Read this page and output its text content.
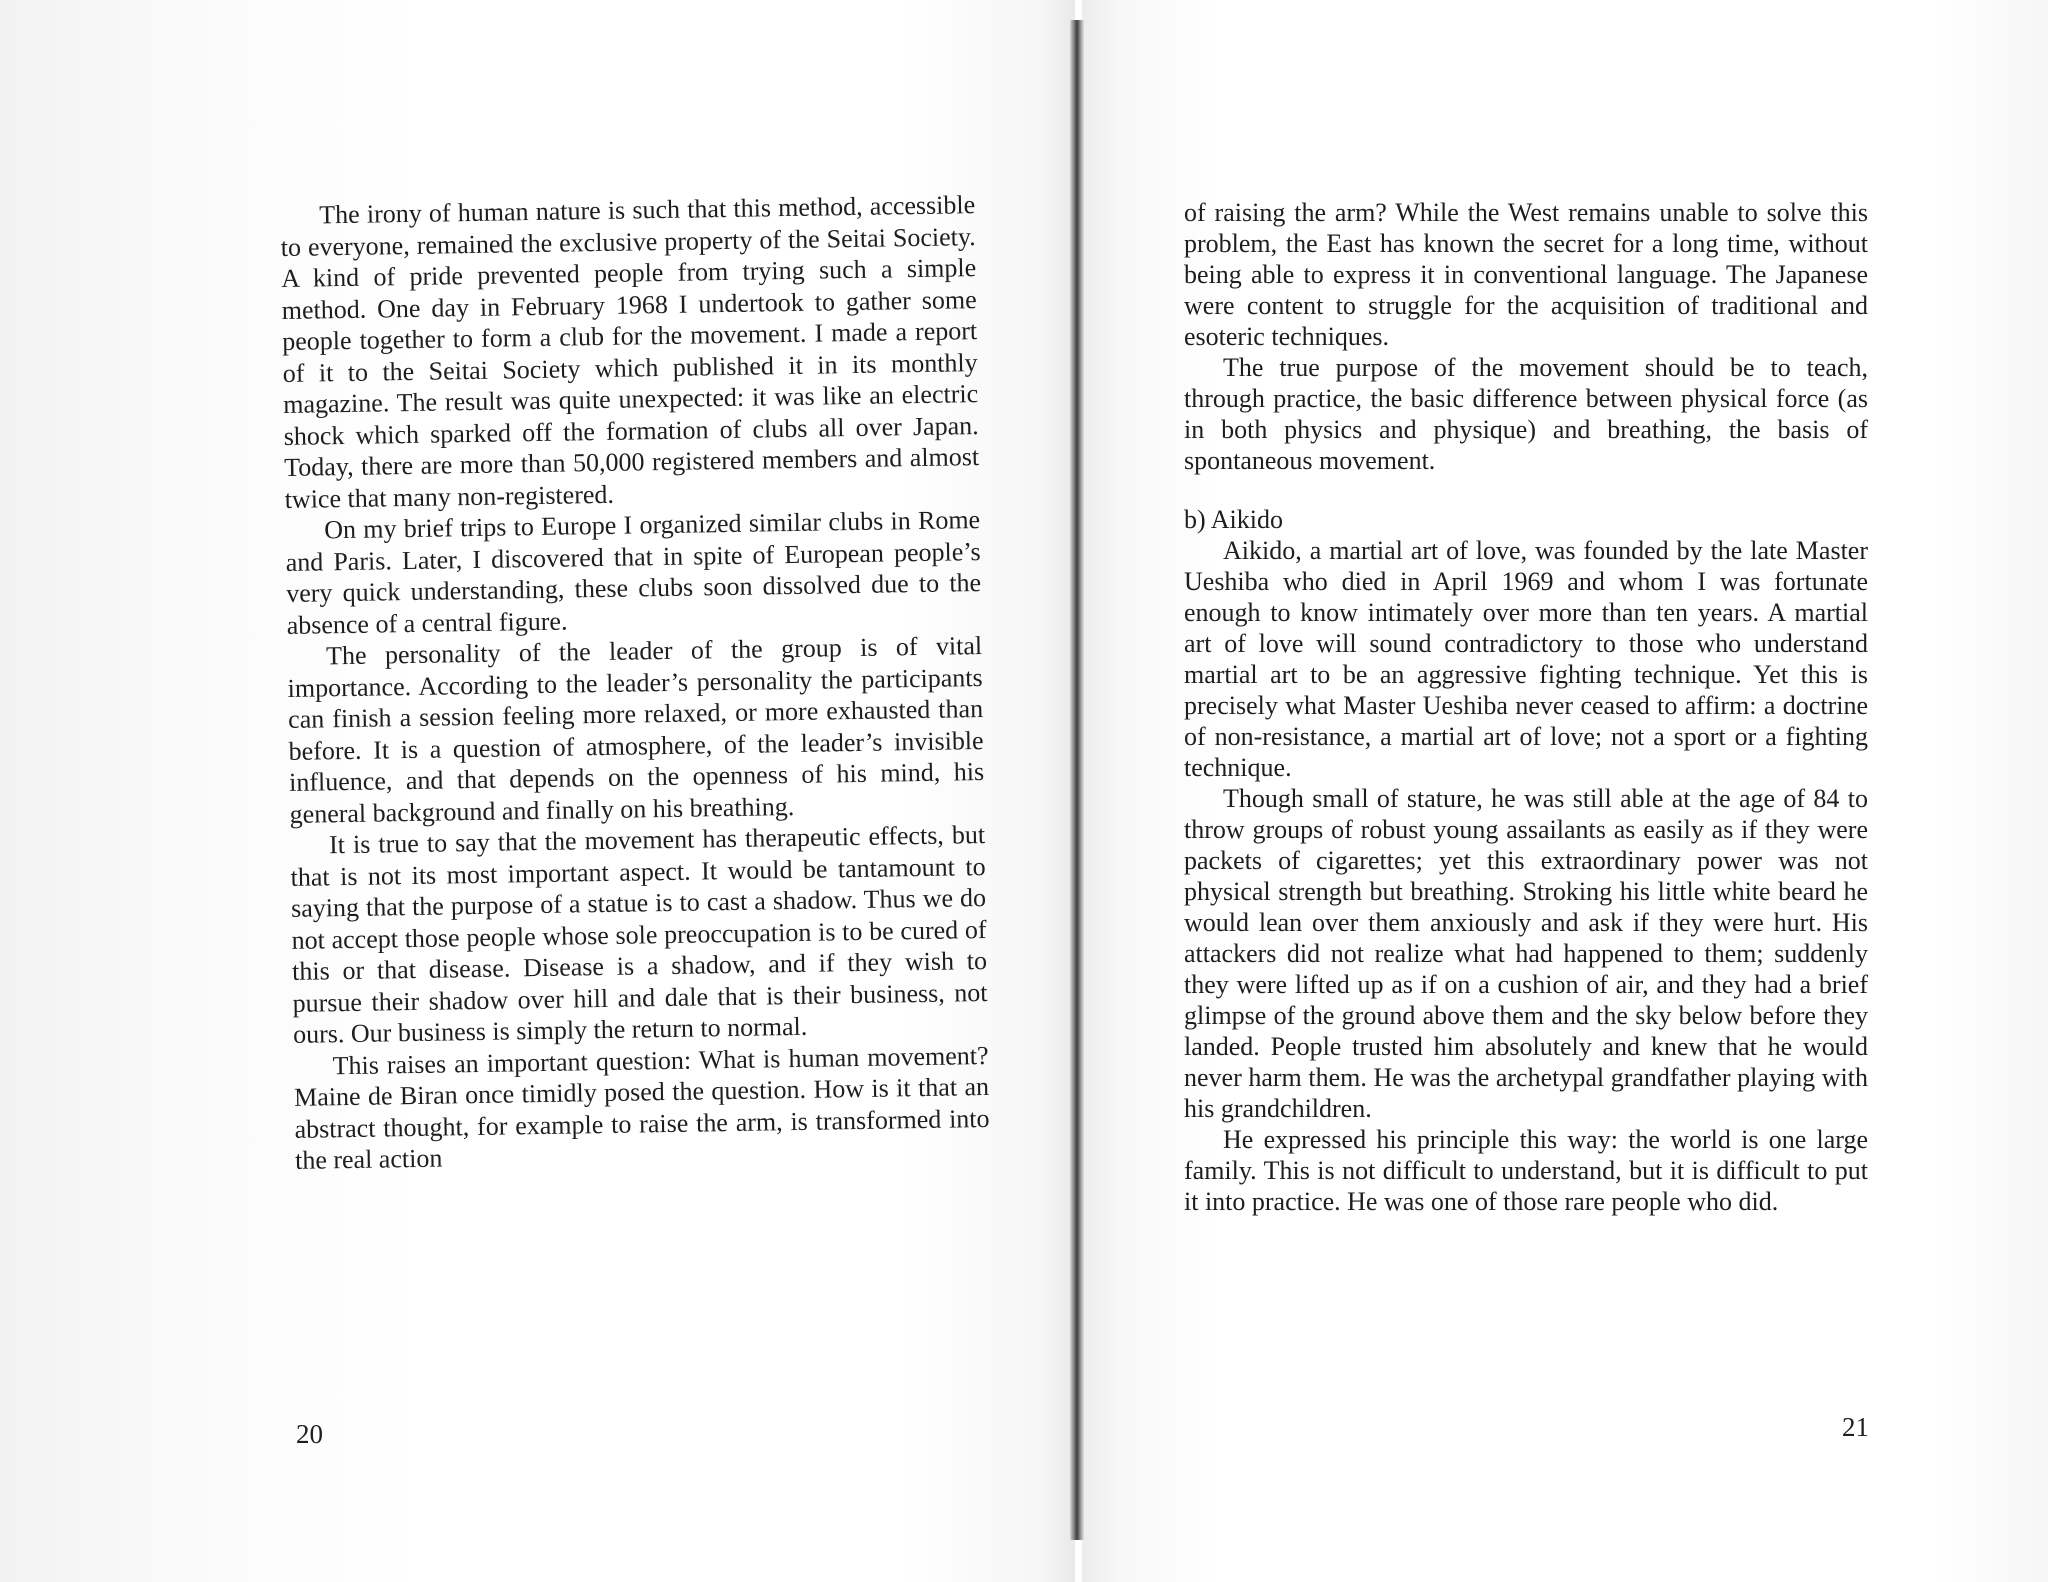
The irony of human nature is such that this method, accessible to everyone, remained the exclusive property of the Seitai Society. A kind of pride prevented people from trying such a simple method. One day in February 1968 I undertook to gather some people together to form a club for the movement. I made a report of it to the Seitai Society which published it in its monthly magazine. The result was quite unexpected: it was like an electric shock which sparked off the formation of clubs all over Japan. Today, there are more than 50,000 registered members and almost twice that many non-registered.

On my brief trips to Europe I organized similar clubs in Rome and Paris. Later, I discovered that in spite of European people’s very quick understanding, these clubs soon dissolved due to the absence of a central figure.

The personality of the leader of the group is of vital importance. According to the leader’s personality the participants can finish a session feeling more relaxed, or more exhausted than before. It is a question of atmosphere, of the leader’s invisible influence, and that depends on the openness of his mind, his general background and finally on his breathing.

It is true to say that the movement has therapeutic effects, but that is not its most important aspect. It would be tantamount to saying that the purpose of a statue is to cast a shadow. Thus we do not accept those people whose sole preoccupation is to be cured of this or that disease. Disease is a shadow, and if they wish to pursue their shadow over hill and dale that is their business, not ours. Our business is simply the return to normal.

This raises an important question: What is human movement? Maine de Biran once timidly posed the question. How is it that an abstract thought, for example to raise the arm, is transformed into the real action

20

of raising the arm? While the West remains unable to solve this problem, the East has known the secret for a long time, without being able to express it in conventional language. The Japanese were content to struggle for the acquisition of traditional and esoteric techniques.

The true purpose of the movement should be to teach, through practice, the basic difference between physical force (as in both physics and physique) and breathing, the basis of spontaneous movement.

b) Aikido

Aikido, a martial art of love, was founded by the late Master Ueshiba who died in April 1969 and whom I was fortunate enough to know intimately over more than ten years. A martial art of love will sound contradictory to those who understand martial art to be an aggressive fighting technique. Yet this is precisely what Master Ueshiba never ceased to affirm: a doctrine of non-resistance, a martial art of love; not a sport or a fighting technique.

Though small of stature, he was still able at the age of 84 to throw groups of robust young assailants as easily as if they were packets of cigarettes; yet this extraordinary power was not physical strength but breathing. Stroking his little white beard he would lean over them anxiously and ask if they were hurt. His attackers did not realize what had happened to them; suddenly they were lifted up as if on a cushion of air, and they had a brief glimpse of the ground above them and the sky below before they landed. People trusted him absolutely and knew that he would never harm them. He was the archetypal grandfather playing with his grandchildren.

He expressed his principle this way: the world is one large family. This is not difficult to understand, but it is difficult to put it into practice. He was one of those rare people who did.

21
